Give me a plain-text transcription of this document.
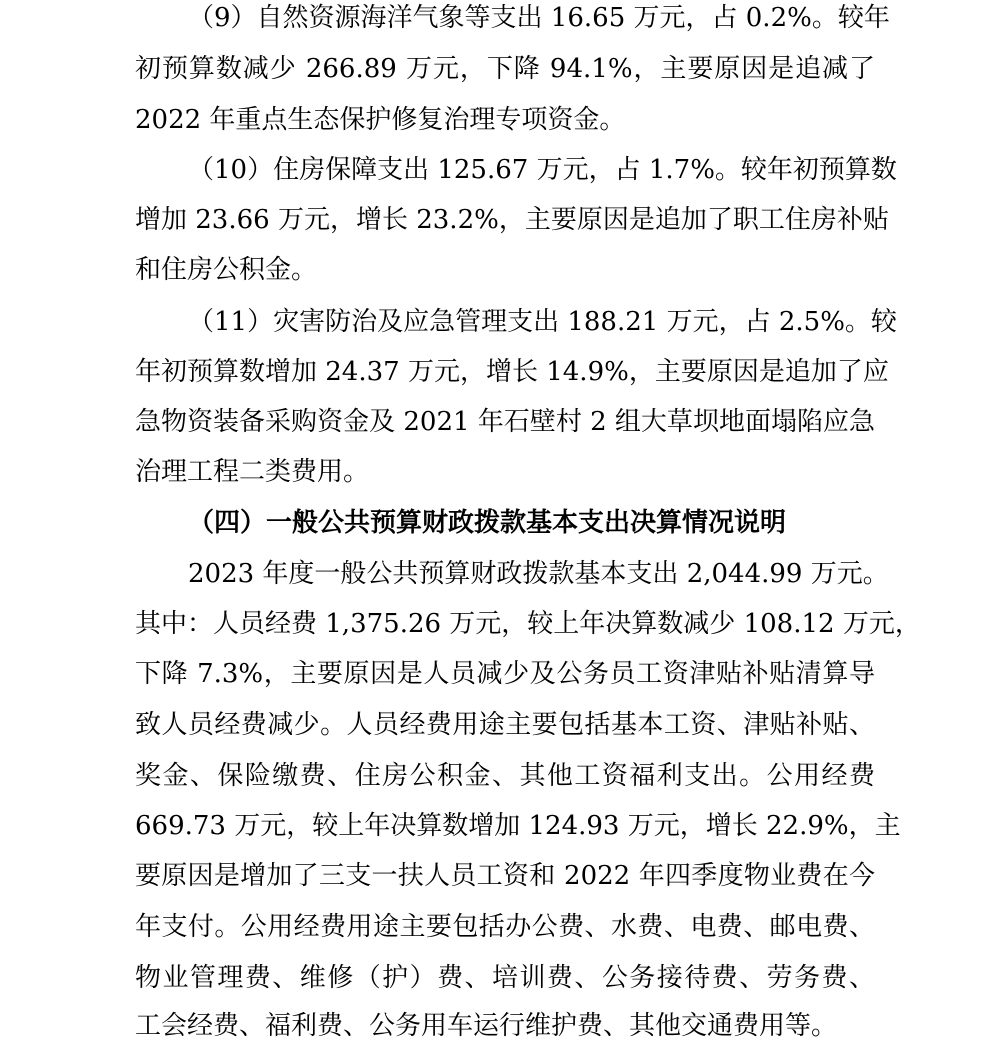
（9）自然资源海洋气象等支出 16.65 万元，占 0.2%。较年
初预算数减少 266.89 万元，下降 94.1%，主要原因是追减了
2022 年重点生态保护修复治理专项资金。
（10）住房保障支出 125.67 万元，占 1.7%。较年初预算数
增加 23.66 万元，增长 23.2%，主要原因是追加了职工住房补贴
和住房公积金。
（11）灾害防治及应急管理支出 188.21 万元，占 2.5%。较
年初预算数增加 24.37 万元，增长 14.9%，主要原因是追加了应
急物资装备采购资金及 2021 年石壁村 2 组大草坝地面塌陷应急
治理工程二类费用。
（四）一般公共预算财政拨款基本支出决算情况说明
2023 年度一般公共预算财政拨款基本支出 2,044.99 万元。
其中：人员经费 1,375.26 万元，较上年决算数减少 108.12 万元，
下降 7.3%，主要原因是人员减少及公务员工资津贴补贴清算导
致人员经费减少。人员经费用途主要包括基本工资、津贴补贴、
奖金、保险缴费、住房公积金、其他工资福利支出。公用经费
669.73 万元，较上年决算数增加 124.93 万元，增长 22.9%，主
要原因是增加了三支一扶人员工资和 2022 年四季度物业费在今
年支付。公用经费用途主要包括办公费、水费、电费、邮电费、
物业管理费、维修（护）费、培训费、公务接待费、劳务费、
工会经费、福利费、公务用车运行维护费、其他交通费用等。
